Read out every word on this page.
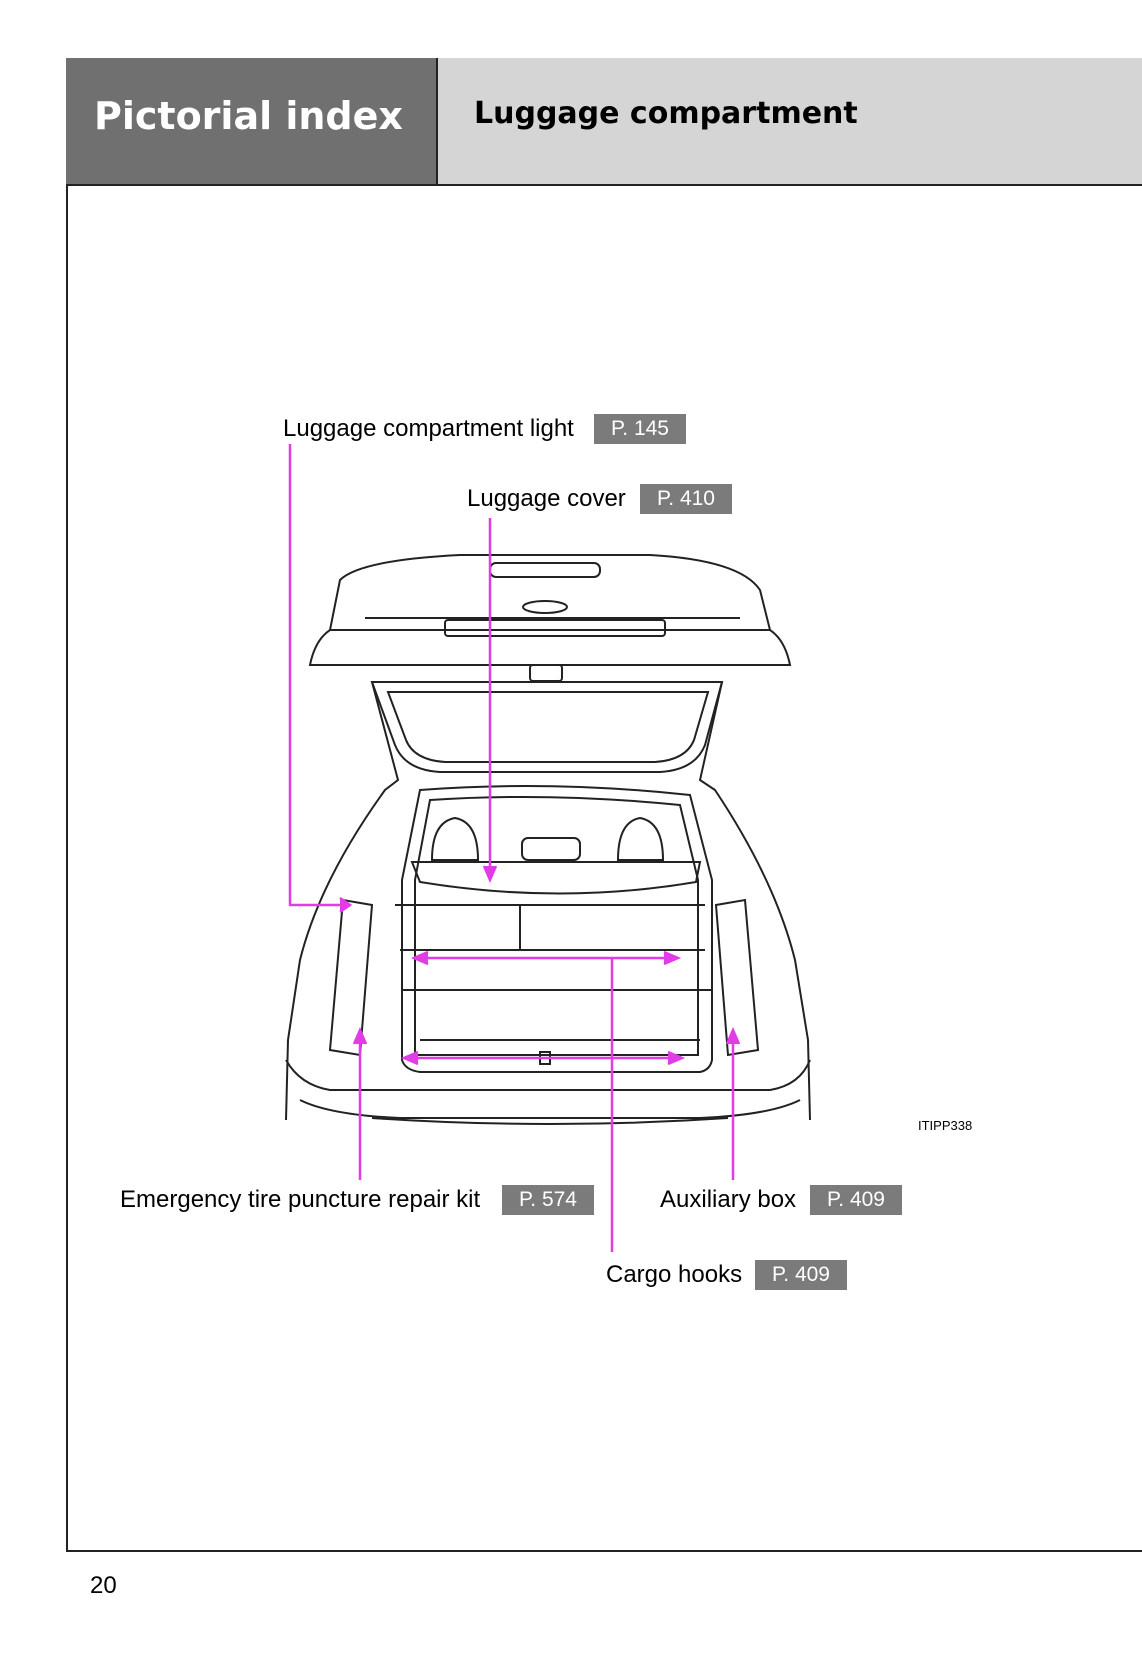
Pictorial index Luggage compartment
Luggage compartment light	P. 145
Luggage cover	P. 410
Emergency tire puncture repair kit	P. 574	Auxiliary box	P. 409
Cargo hooks	P. 409
ITIPP338
20
